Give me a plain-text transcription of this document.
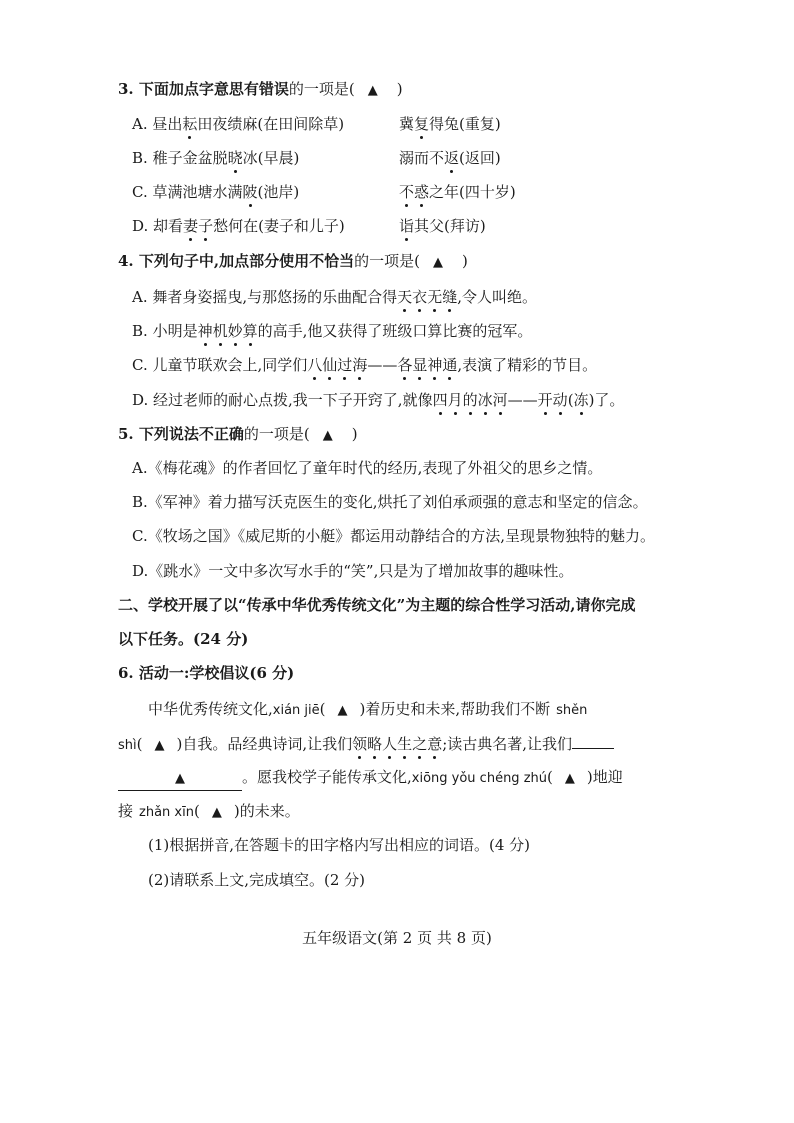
3. 下面加点字意思有错误的一项是( ▲ )
A. 昼出耘田夜绩麻(在田间除草)	冀复得兔(重复)
B. 稚子金盆脱晓冰(早晨)	溺而不返(返回)
C. 草满池塘水满陂(池岸)	不惑之年(四十岁)
D. 却看妻子愁何在(妻子和儿子)	诣其父(拜访)
4. 下列句子中,加点部分使用不恰当的一项是( ▲ )
A. 舞者身姿摇曳,与那悠扬的乐曲配合得天衣无缝,令人叫绝。
B. 小明是神机妙算的高手,他又获得了班级口算比赛的冠军。
C. 儿童节联欢会上,同学们八仙过海——各显神通,表演了精彩的节目。
D. 经过老师的耐心点拨,我一下子开窍了,就像四月的冰河——开动(冻)了。
5. 下列说法不正确的一项是( ▲ )
A.《梅花魂》的作者回忆了童年时代的经历,表现了外祖父的思乡之情。
B.《军神》着力描写沃克医生的变化,烘托了刘伯承顽强的意志和坚定的信念。
C.《牧场之国》《威尼斯的小艇》都运用动静结合的方法,呈现景物独特的魅力。
D.《跳水》一文中多次写水手的“笑”,只是为了增加故事的趣味性。
二、学校开展了以“传承中华优秀传统文化”为主题的综合性学习活动,请你完成
以下任务。(24 分)
6. 活动一:学校倡议(6 分)
中华优秀传统文化,xián jiē( ▲ )着历史和未来,帮助我们不断 shěn
shì( ▲ )自我。品经典诗词,让我们领略人生之意;读古典名著,让我们
▲	。愿我校学子能传承文化,xiōng yǒu chéng zhú( ▲ )地迎
接 zhǎn xīn( ▲ )的未来。
(1)根据拼音,在答题卡的田字格内写出相应的词语。(4 分)
(2)请联系上文,完成填空。(2 分)
五年级语文(第 2 页 共 8 页)
